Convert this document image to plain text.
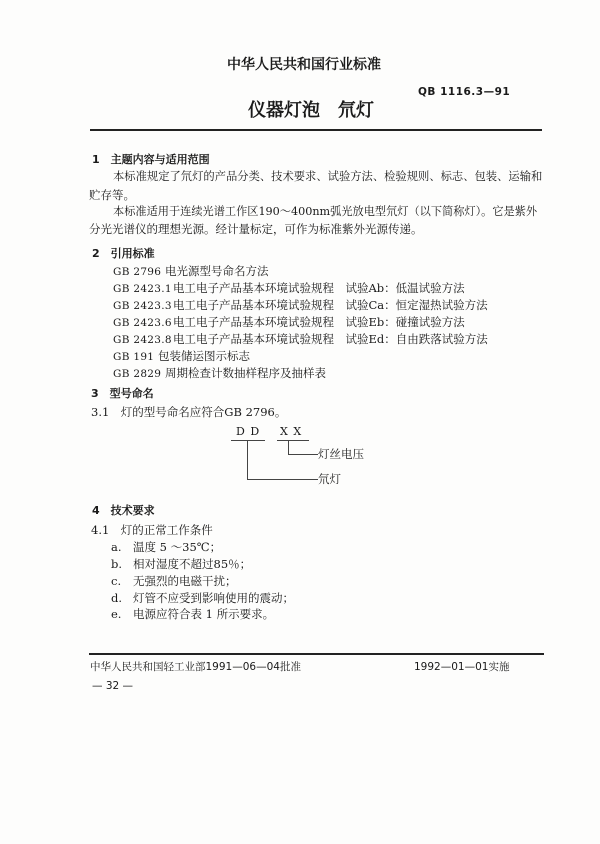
中华人民共和国行业标准
QB 1116.3—91
仪器灯泡　氘灯
1　主题内容与适用范围
本标准规定了氘灯的产品分类、技术要求、试验方法、检验规则、标志、包装、运输和
贮存等。
本标准适用于连续光谱工作区190～400nm弧光放电型氘灯（以下简称灯）。它是紫外
分光光谱仪的理想光源。经计量标定，可作为标准紫外光源传递。
2　引用标准
GB 2796 电光源型号命名方法
GB 2423.1电工电子产品基本环境试验规程　试验Ab：低温试验方法
GB 2423.3电工电子产品基本环境试验规程　试验Ca：恒定湿热试验方法
GB 2423.6电工电子产品基本环境试验规程　试验Eb：碰撞试验方法
GB 2423.8电工电子产品基本环境试验规程　试验Ed：自由跌落试验方法
GB 191 包装储运图示标志
GB 2829 周期检查计数抽样程序及抽样表
3　型号命名
3.1　灯的型号命名应符合GB 2796。
D D X X
灯丝电压
氘灯
4　技术要求
4.1　灯的正常工作条件
a. 温度 5 ～35℃；
b. 相对湿度不超过85％；
c. 无强烈的电磁干扰；
d. 灯管不应受到影响使用的震动；
e. 电源应符合表 1 所示要求。
中华人民共和国轻工业部1991—06—04批准	1992—01—01实施
— 32 —
